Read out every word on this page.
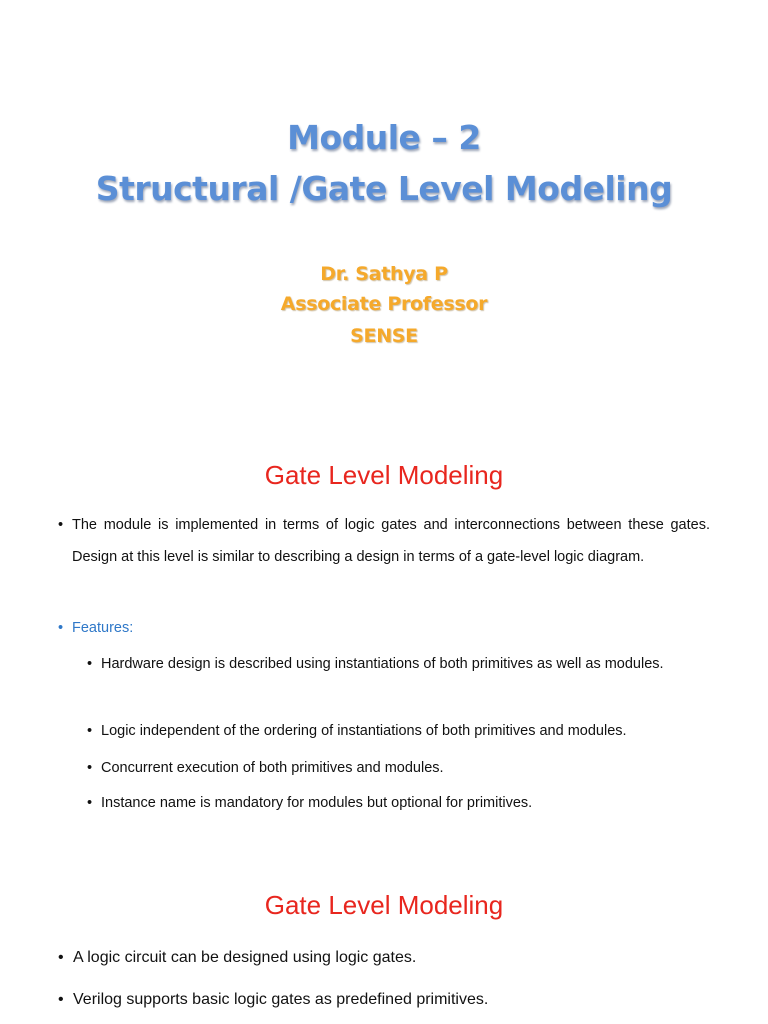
Module – 2
Structural /Gate Level Modeling
Dr. Sathya P
Associate Professor
SENSE
Gate Level Modeling
• The module is implemented in terms of logic gates and interconnections between these gates. Design at this level is similar to describing a design in terms of a gate-level logic diagram.
• Features:
• Hardware design is described using instantiations of both primitives as well as modules.
• Logic independent of the ordering of instantiations of both primitives and modules.
• Concurrent execution of both primitives and modules.
• Instance name is mandatory for modules but optional for primitives.
Gate Level Modeling
• A logic circuit can be designed using logic gates.
• Verilog supports basic logic gates as predefined primitives.
